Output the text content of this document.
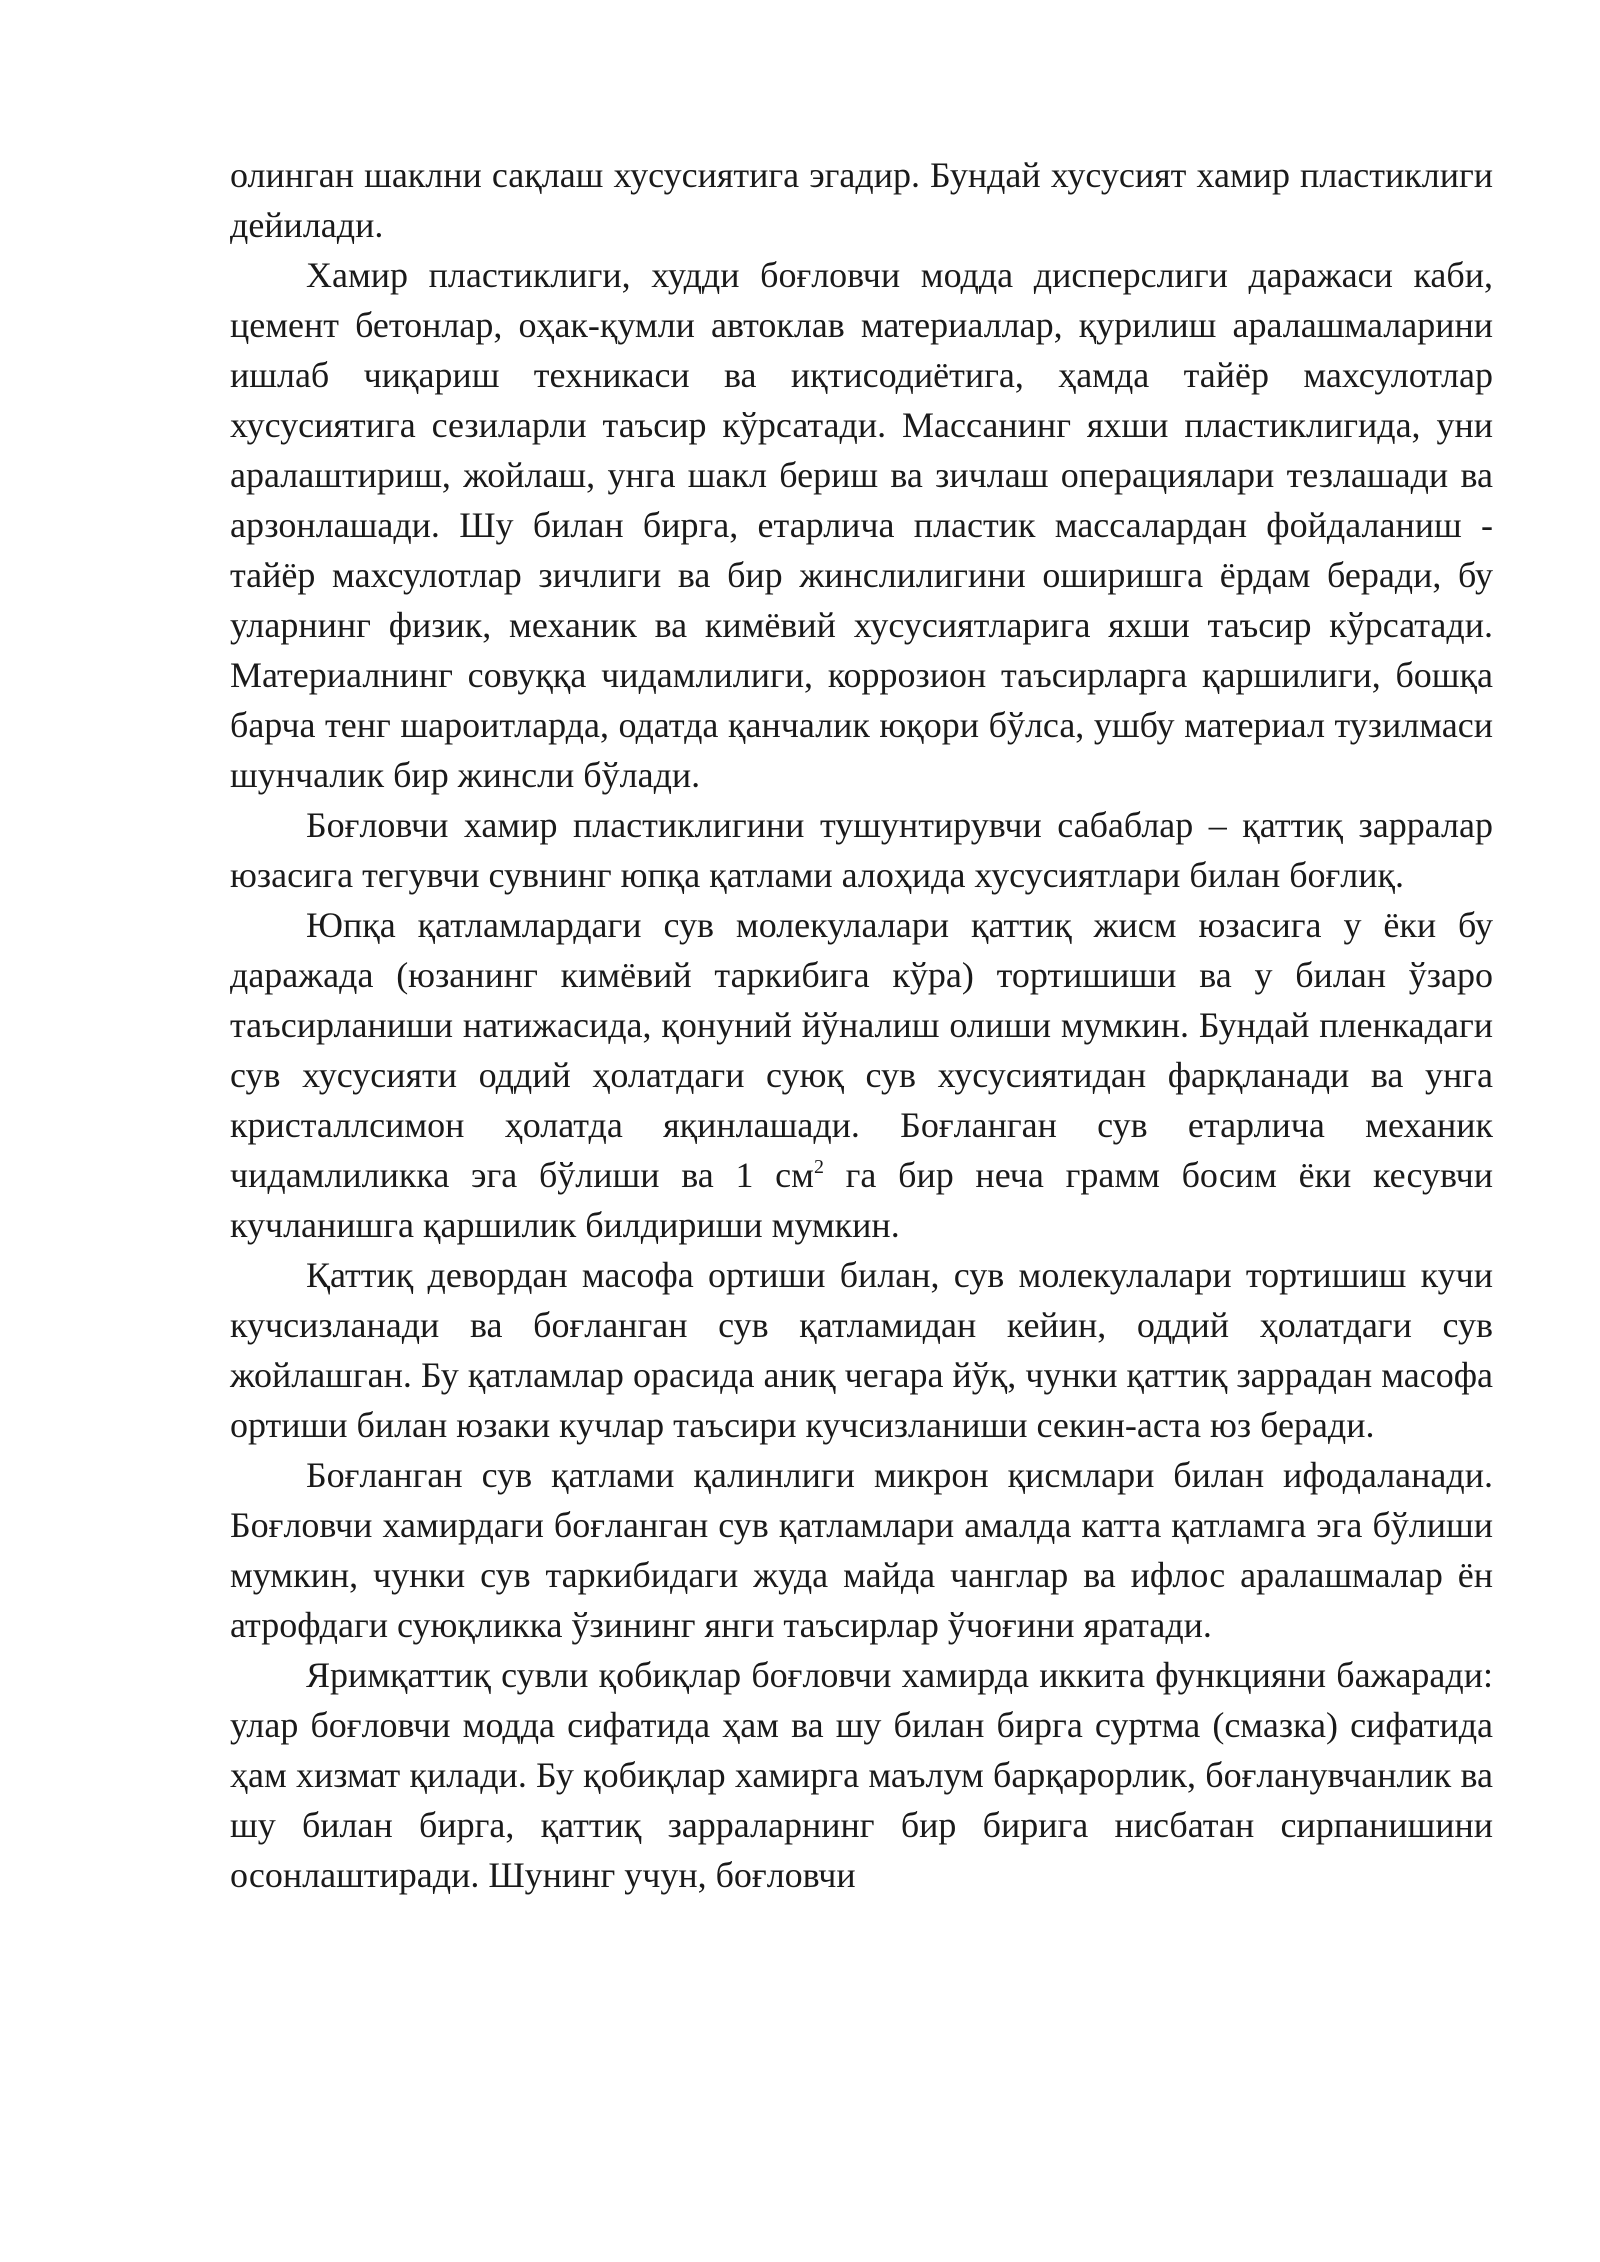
олинган шаклни сақлаш хусусиятига эгадир. Бундай хусусият хамир пластиклиги дейилади.

Хамир пластиклиги, худди боғловчи модда дисперслиги даражаси каби, цемент бетонлар, оҳак-қумли автоклав материаллар, қурилиш аралашмаларини ишлаб чиқариш техникаси ва иқтисодиётига, ҳамда тайёр махсулотлар хусусиятига сезиларли таъсир кўрсатади. Массанинг яхши пластиклигида, уни аралаштириш, жойлаш, унга шакл бериш ва зичлаш операциялари тезлашади ва арзонлашади. Шу билан бирга, етарлича пластик массалардан фойдаланиш - тайёр махсулотлар зичлиги ва бир жинслилигини оширишга ёрдам беради, бу уларнинг физик, механик ва кимёвий хусусиятларига яхши таъсир кўрсатади. Материалнинг совуққа чидамлилиги, коррозион таъсирларга қаршилиги, бошқа барча тенг шароитларда, одатда қанчалик юқори бўлса, ушбу материал тузилмаси шунчалик бир жинсли бўлади.

Боғловчи хамир пластиклигини тушунтирувчи сабаблар – қаттиқ зарралар юзасига тегувчи сувнинг юпқа қатлами алоҳида хусусиятлари билан боғлиқ.

Юпқа қатламлардаги сув молекулалари қаттиқ жисм юзасига у ёки бу даражада (юзанинг кимёвий таркибига кўра) тортишиши ва у билан ўзаро таъсирланиши натижасида, қонуний йўналиш олиши мумкин. Бундай пленкадаги сув хусусияти оддий ҳолатдаги суюқ сув хусусиятидан фарқланади ва унга кристаллсимон ҳолатда яқинлашади. Боғланган сув етарлича механик чидамлиликка эга бўлиши ва 1 $см^2$ га бир неча грамм босим ёки кесувчи кучланишга қаршилик билдириши мумкин.

Қаттиқ девордан масофа ортиши билан, сув молекулалари тортишиш кучи кучсизланади ва боғланган сув қатламидан кейин, оддий ҳолатдаги сув жойлашган. Бу қатламлар орасида аниқ чегара йўқ, чунки қаттиқ заррадан масофа ортиши билан юзаки кучлар таъсири кучсизланиши секин-аста юз беради.

Боғланган сув қатлами қалинлиги микрон қисмлари билан ифодаланади. Боғловчи хамирдаги боғланган сув қатламлари амалда катта қатламга эга бўлиши мумкин, чунки сув таркибидаги жуда майда чанглар ва ифлос аралашмалар ён атрофдаги суюқликка ўзининг янги таъсирлар ўчоғини яратади.

Яримқаттиқ сувли қобиқлар боғловчи хамирда иккита функцияни бажаради: улар боғловчи модда сифатида ҳам ва шу билан бирга суртма (смазка) сифатида ҳам хизмат қилади. Бу қобиқлар хамирга маълум барқарорлик, боғланувчанлик ва шу билан бирга, қаттиқ зарраларнинг бир бирига нисбатан сирпанишини осонлаштиради. Шунинг учун, боғловчи
